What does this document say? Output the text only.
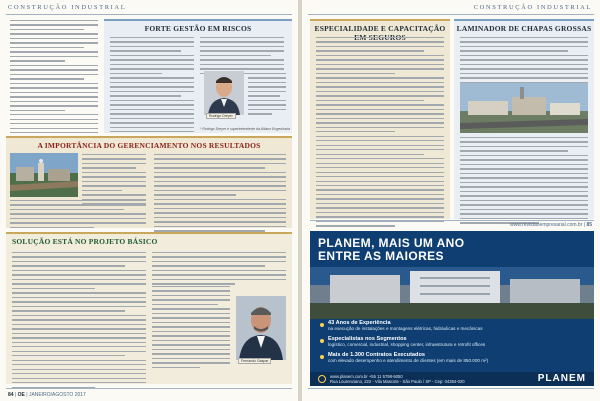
CONSTRUÇÃO INDUSTRIAL
FORTE GESTÃO EM RISCOS
Rodrigo Dreyer
* Rodrigo Dreyer é superintendente da Allianz Engenharia
A IMPORTÂNCIA DO GERENCIAMENTO NOS RESULTADOS
SOLUÇÃO ESTÁ NO PROJETO BÁSICO
Fernando Gaspar
84 | OE | JANEIRO/AGOSTO 2017
CONSTRUÇÃO INDUSTRIAL
ESPECIALIDADE E CAPACITAÇÃO	LAMINADOR DE CHAPAS GROSSAS
www.revistaoempresarial.com.br | 85
PLANEM, MAIS UM ANO
ENTRE AS MAIORES
43 Anos de Experiência
na execução de instalações e montagens elétricas, hidráulicas e mecânicas
Especialistas nos Segmentos
logístico, comercial, industrial, shopping center, infraestrutura e retrofit offices
Mais de 1.300 Contratos Executados
com elevado desempenho e atendimento de clientes (em mais de 850.000 m²)
www.planem.com.br +55 11 5798-5050
Rua Lourenciano, 222 - Vila Mascote - São Paulo / SP - Cep: 04364-020	PLANEM
